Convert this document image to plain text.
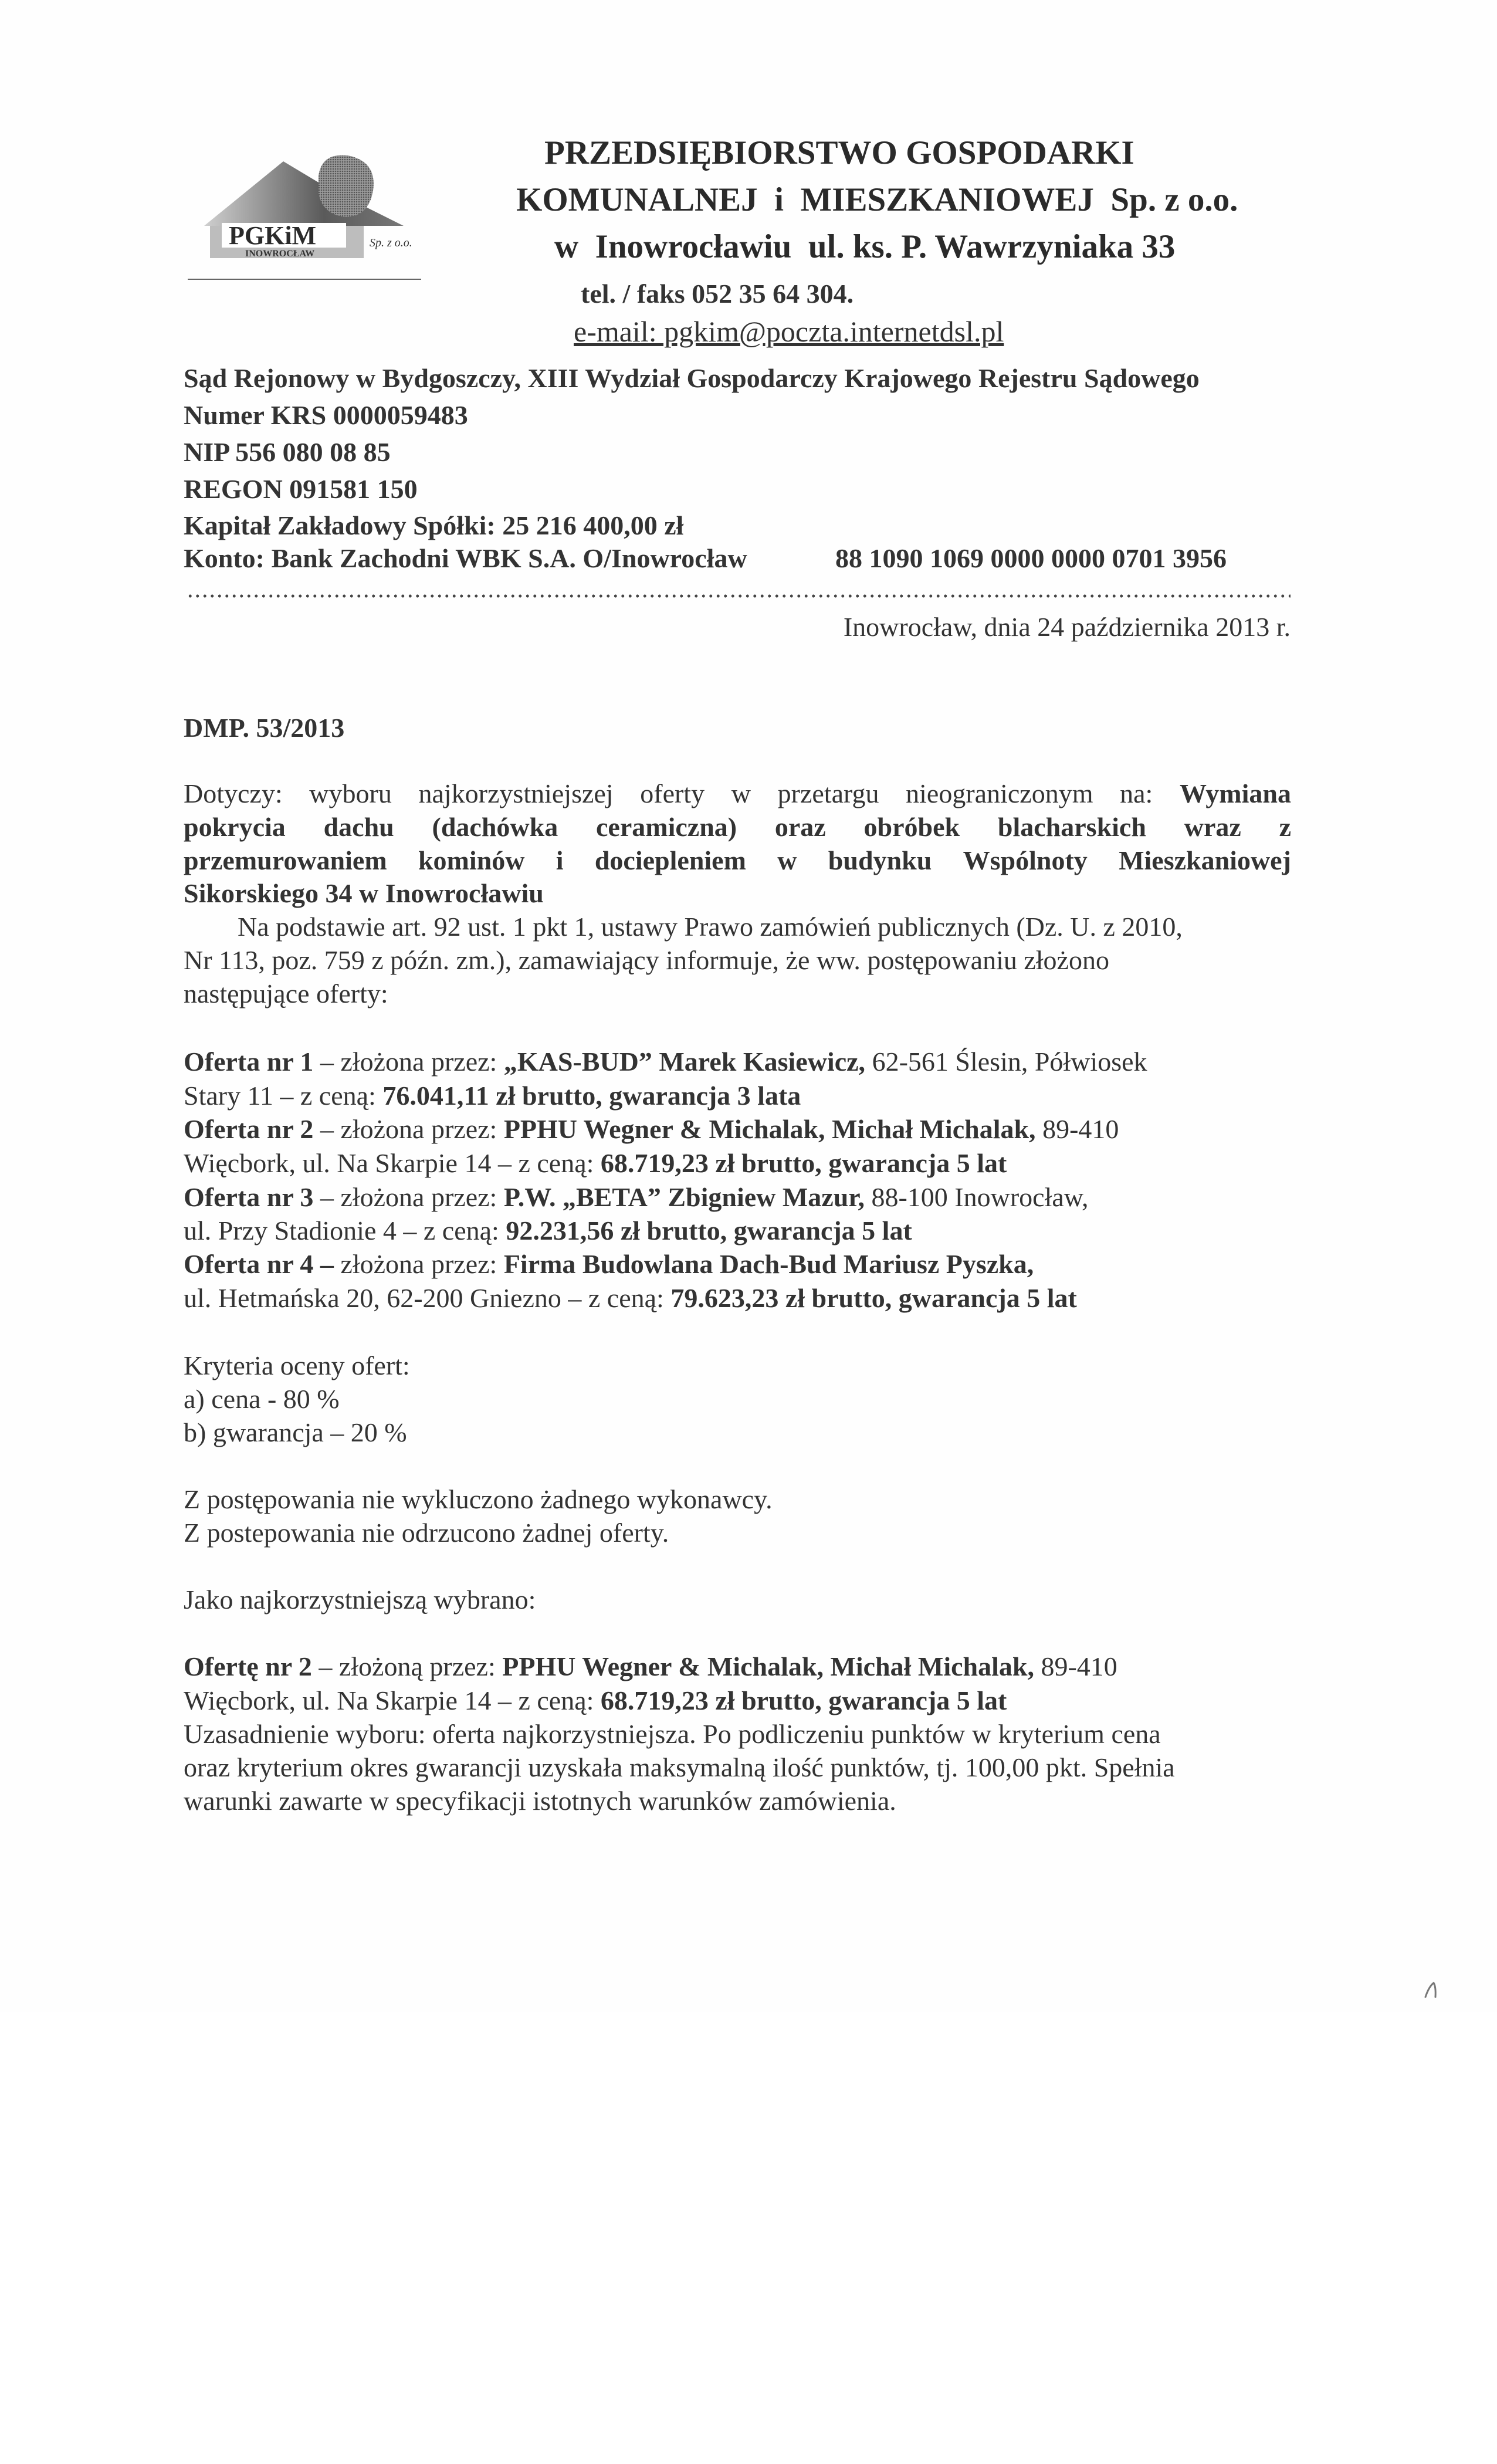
PGKiM
INOWROCŁAW
Sp. z o.o.
PRZEDSIĘBIORSTWO GOSPODARKI
KOMUNALNEJ  i  MIESZKANIOWEJ  Sp. z o.o.
w  Inowrocławiu  ul. ks. P. Wawrzyniaka 33
tel. / faks 052 35 64 304.
e-mail: pgkim@poczta.internetdsl.pl
Sąd Rejonowy w Bydgoszczy, XIII Wydział Gospodarczy Krajowego Rejestru Sądowego
Numer KRS 0000059483
NIP 556 080 08 85
REGON 091581 150
Kapitał Zakładowy Spółki: 25 216 400,00 zł
Konto: Bank Zachodni WBK S.A. O/Inowrocław	88 1090 1069 0000 0000 0701 3956
Inowrocław, dnia 24 października 2013 r.
DMP. 53/2013
Dotyczy: wyboru najkorzystniejszej oferty w przetargu nieograniczonym na: Wymiana
pokrycia dachu (dachówka ceramiczna) oraz obróbek blacharskich wraz z
przemurowaniem kominów i dociepleniem w budynku Wspólnoty Mieszkaniowej
Sikorskiego 34 w Inowrocławiu
Na podstawie art. 92 ust. 1 pkt 1, ustawy Prawo zamówień publicznych (Dz. U. z 2010,
Nr 113, poz. 759 z późn. zm.), zamawiający informuje, że ww. postępowaniu złożono
następujące oferty:
Oferta nr 1 – złożona przez: „KAS-BUD” Marek Kasiewicz, 62-561 Ślesin, Półwiosek
Stary 11 – z ceną: 76.041,11 zł brutto, gwarancja 3 lata
Oferta nr 2 – złożona przez: PPHU Wegner & Michalak, Michał Michalak, 89-410
Więcbork, ul. Na Skarpie 14 – z ceną: 68.719,23 zł brutto, gwarancja 5 lat
Oferta nr 3 – złożona przez: P.W. „BETA” Zbigniew Mazur, 88-100 Inowrocław,
ul. Przy Stadionie 4 – z ceną: 92.231,56 zł brutto, gwarancja 5 lat
Oferta nr 4 – złożona przez: Firma Budowlana Dach-Bud Mariusz Pyszka,
ul. Hetmańska 20, 62-200 Gniezno – z ceną: 79.623,23 zł brutto, gwarancja 5 lat
Kryteria oceny ofert:
a) cena - 80 %
b) gwarancja – 20 %
Z postępowania nie wykluczono żadnego wykonawcy.
Z postepowania nie odrzucono żadnej oferty.
Jako najkorzystniejszą wybrano:
Ofertę nr 2 – złożoną przez: PPHU Wegner & Michalak, Michał Michalak, 89-410
Więcbork, ul. Na Skarpie 14 – z ceną: 68.719,23 zł brutto, gwarancja 5 lat
Uzasadnienie wyboru: oferta najkorzystniejsza. Po podliczeniu punktów w kryterium cena
oraz kryterium okres gwarancji uzyskała maksymalną ilość punktów, tj. 100,00 pkt. Spełnia
warunki zawarte w specyfikacji istotnych warunków zamówienia.
